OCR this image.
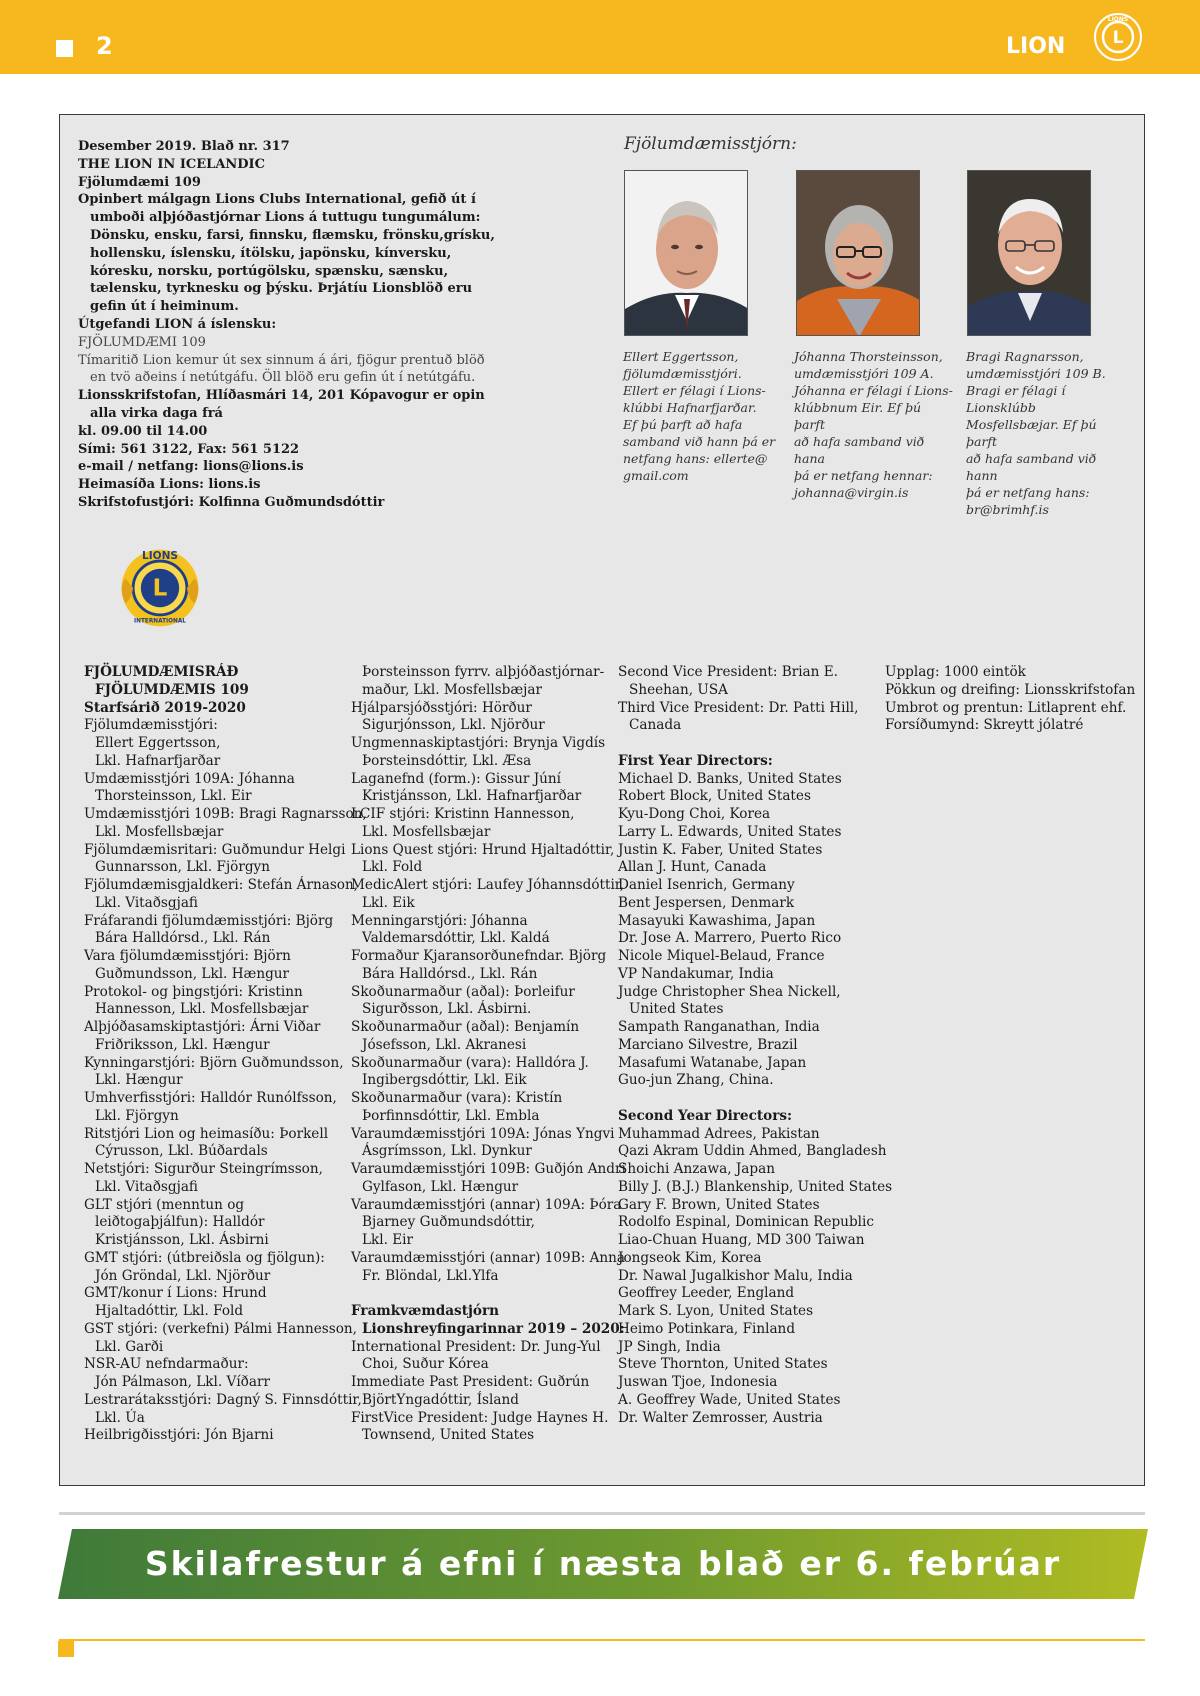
2	LION	L
LIONS
Desember 2019. Blað nr. 317
THE LION IN ICELANDIC
Fjölumdæmi 109
Opinbert málgagn Lions Clubs International, gefið út í umboði alþjóðastjórnar Lions á tuttugu tungumálum: Dönsku, ensku, farsi, finnsku, flæmsku, frönsku,grísku, hollensku, íslensku, ítölsku, japönsku, kínversku, kóresku, norsku, portúgölsku, spænsku, sænsku, tælensku, tyrknesku og þýsku. Þrjátíu Lionsblöð eru gefin út í heiminum.
Útgefandi LION á íslensku:
FJÖLUMDÆMI 109
Tímaritið Lion kemur út sex sinnum á ári, fjögur prentuð blöð en tvö aðeins í netútgáfu. Öll blöð eru gefin út í netútgáfu.
Lionsskrifstofan, Hlíðasmári 14, 201 Kópavogur er opin alla virka daga frá
kl. 09.00 til 14.00
Sími: 561 3122, Fax: 561 5122
e-mail / netfang: lions@lions.is
Heimasíða Lions: lions.is
Skrifstofustjóri: Kolfinna Guðmundsdóttir
Fjölumdæmisstjórn:
Ellert Eggertsson,
fjölumdæmisstjóri.
Ellert er félagi í Lions-
klúbbi Hafnarfjarðar.
Ef þú þarft að hafa
samband við hann þá er
netfang hans: ellerte@
gmail.com
Jóhanna Thorsteinsson,
umdæmisstjóri 109 A.
Jóhanna er félagi í Lions-
klúbbnum Eir. Ef þú þarft
að hafa samband við hana
þá er netfang hennar:
johanna@virgin.is
Bragi Ragnarsson,
umdæmisstjóri 109 B.
Bragi er félagi í Lionsklúbb
Mosfellsbæjar. Ef þú þarft
að hafa samband við hann
þá er netfang hans:
br@brimhf.is
L
LIONS
INTERNATIONAL
FJÖLUMDÆMISRÁÐ
FJÖLUMDÆMIS 109
Starfsárið 2019-2020
Fjölumdæmisstjóri:
Ellert Eggertsson,
Lkl. Hafnarfjarðar
Umdæmisstjóri 109A: Jóhanna
Thorsteinsson, Lkl. Eir
Umdæmisstjóri 109B: Bragi Ragnarsson,
Lkl. Mosfellsbæjar
Fjölumdæmisritari: Guðmundur Helgi
Gunnarsson, Lkl. Fjörgyn
Fjölumdæmisgjaldkeri: Stefán Árnason,
Lkl. Vitaðsgjafi
Fráfarandi fjölumdæmisstjóri: Björg
Bára Halldórsd., Lkl. Rán
Vara fjölumdæmisstjóri: Björn
Guðmundsson, Lkl. Hængur
Protokol- og þingstjóri: Kristinn
Hannesson, Lkl. Mosfellsbæjar
Alþjóðasamskiptastjóri: Árni Viðar
Friðriksson, Lkl. Hængur
Kynningarstjóri: Björn Guðmundsson,
Lkl. Hængur
Umhverfisstjóri: Halldór Runólfsson,
Lkl. Fjörgyn
Ritstjóri Lion og heimasíðu: Þorkell
Cýrusson, Lkl. Búðardals
Netstjóri: Sigurður Steingrímsson,
Lkl. Vitaðsgjafi
GLT stjóri (menntun og
leiðtogaþjálfun): Halldór
Kristjánsson, Lkl. Ásbirni
GMT stjóri: (útbreiðsla og fjölgun):
Jón Gröndal, Lkl. Njörður
GMT/konur í Lions: Hrund
Hjaltadóttir, Lkl. Fold
GST stjóri: (verkefni) Pálmi Hannesson,
Lkl. Garði
NSR-AU nefndarmaður:
Jón Pálmason, Lkl. Víðarr
Lestrarátaksstjóri: Dagný S. Finnsdóttir,
Lkl. Úa
Heilbrigðisstjóri: Jón Bjarni
Þorsteinsson fyrrv. alþjóðastjórnar-
maður, Lkl. Mosfellsbæjar
Hjálparsjóðsstjóri: Hörður
Sigurjónsson, Lkl. Njörður
Ungmennaskiptastjóri: Brynja Vigdís
Þorsteinsdóttir, Lkl. Æsa
Laganefnd (form.): Gissur Júní
Kristjánsson, Lkl. Hafnarfjarðar
LCIF stjóri: Kristinn Hannesson,
Lkl. Mosfellsbæjar
Lions Quest stjóri: Hrund Hjaltadóttir,
Lkl. Fold
MedicAlert stjóri: Laufey Jóhannsdóttir,
Lkl. Eik
Menningarstjóri: Jóhanna
Valdemarsdóttir, Lkl. Kaldá
Formaður Kjaransorðunefndar. Björg
Bára Halldórsd., Lkl. Rán
Skoðunarmaður (aðal): Þorleifur
Sigurðsson, Lkl. Ásbirni.
Skoðunarmaður (aðal): Benjamín
Jósefsson, Lkl. Akranesi
Skoðunarmaður (vara): Halldóra J.
Ingibergsdóttir, Lkl. Eik
Skoðunarmaður (vara): Kristín
Þorfinnsdóttir, Lkl. Embla
Varaumdæmisstjóri 109A: Jónas Yngvi
Ásgrímsson, Lkl. Dynkur
Varaumdæmisstjóri 109B: Guðjón Andri
Gylfason, Lkl. Hængur
Varaumdæmisstjóri (annar) 109A: Þóra
Bjarney Guðmundsdóttir,
Lkl. Eir
Varaumdæmisstjóri (annar) 109B: Anna
Fr. Blöndal, Lkl.Ylfa
Framkvæmdastjórn
Lionshreyfingarinnar 2019 – 2020:
International President: Dr. Jung-Yul
Choi, Suður Kórea
Immediate Past President: Guðrún
BjörtYngadóttir, Ísland
FirstVice President: Judge Haynes H.
Townsend, United States
Second Vice President: Brian E.
Sheehan, USA
Third Vice President: Dr. Patti Hill,
Canada
First Year Directors:
Michael D. Banks, United States
Robert Block, United States
Kyu-Dong Choi, Korea
Larry L. Edwards, United States
Justin K. Faber, United States
Allan J. Hunt, Canada
Daniel Isenrich, Germany
Bent Jespersen, Denmark
Masayuki Kawashima, Japan
Dr. Jose A. Marrero, Puerto Rico
Nicole Miquel-Belaud, France
VP Nandakumar, India
Judge Christopher Shea Nickell,
United States
Sampath Ranganathan, India
Marciano Silvestre, Brazil
Masafumi Watanabe, Japan
Guo-jun Zhang, China.
Second Year Directors:
Muhammad Adrees, Pakistan
Qazi Akram Uddin Ahmed, Bangladesh
Shoichi Anzawa, Japan
Billy J. (B.J.) Blankenship, United States
Gary F. Brown, United States
Rodolfo Espinal, Dominican Republic
Liao-Chuan Huang, MD 300 Taiwan
Jongseok Kim, Korea
Dr. Nawal Jugalkishor Malu, India
Geoffrey Leeder, England
Mark S. Lyon, United States
Heimo Potinkara, Finland
JP Singh, India
Steve Thornton, United States
Juswan Tjoe, Indonesia
A. Geoffrey Wade, United States
Dr. Walter Zemrosser, Austria
Upplag: 1000 eintök
Pökkun og dreifing: Lionsskrifstofan
Umbrot og prentun: Litlaprent ehf.
Forsíðumynd: Skreytt jólatré
Skilafrestur á efni í næsta blað er 6. febrúar
